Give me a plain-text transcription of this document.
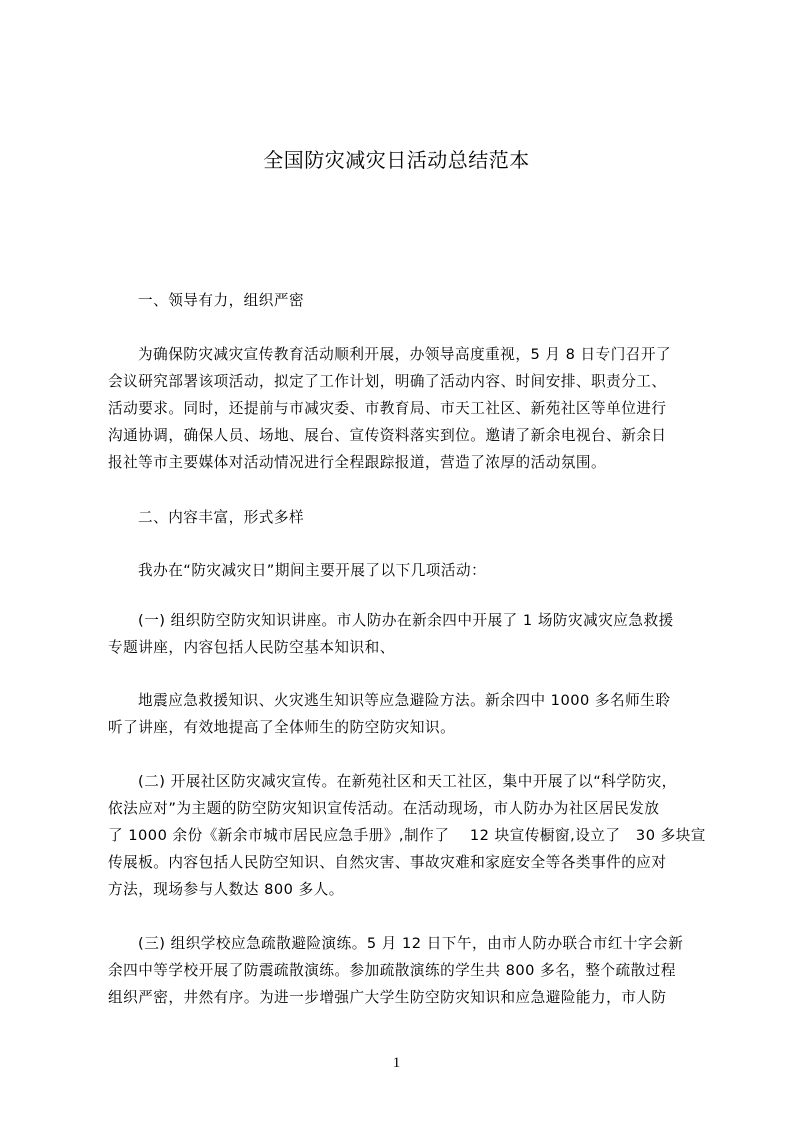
全国防灾减灾日活动总结范本
一、领导有力，组织严密
为确保防灾减灾宣传教育活动顺利开展，办领导高度重视，5 月 8 日专门召开了
会议研究部署该项活动，拟定了工作计划，明确了活动内容、时间安排、职责分工、
活动要求。同时，还提前与市减灾委、市教育局、市天工社区、新苑社区等单位进行
沟通协调，确保人员、场地、展台、宣传资料落实到位。邀请了新余电视台、新余日
报社等市主要媒体对活动情况进行全程跟踪报道，营造了浓厚的活动氛围。
二、内容丰富，形式多样
我办在“防灾减灾日”期间主要开展了以下几项活动：
(一) 组织防空防灾知识讲座。市人防办在新余四中开展了 1 场防灾减灾应急救援
专题讲座，内容包括人民防空基本知识和、
地震应急救援知识、火灾逃生知识等应急避险方法。新余四中 1000 多名师生聆
听了讲座，有效地提高了全体师生的防空防灾知识。
(二) 开展社区防灾减灾宣传。在新苑社区和天工社区，集中开展了以“科学防灾，
依法应对”为主题的防空防灾知识宣传活动。在活动现场，市人防办为社区居民发放
了 1000 余份《新余市城市居民应急手册》,制作了    12 块宣传橱窗,设立了   30 多块宣
传展板。内容包括人民防空知识、自然灾害、事故灾难和家庭安全等各类事件的应对
方法，现场参与人数达 800 多人。
(三) 组织学校应急疏散避险演练。5 月 12 日下午，由市人防办联合市红十字会新
余四中等学校开展了防震疏散演练。参加疏散演练的学生共 800 多名，整个疏散过程
组织严密，井然有序。为进一步增强广大学生防空防灾知识和应急避险能力，市人防
1
